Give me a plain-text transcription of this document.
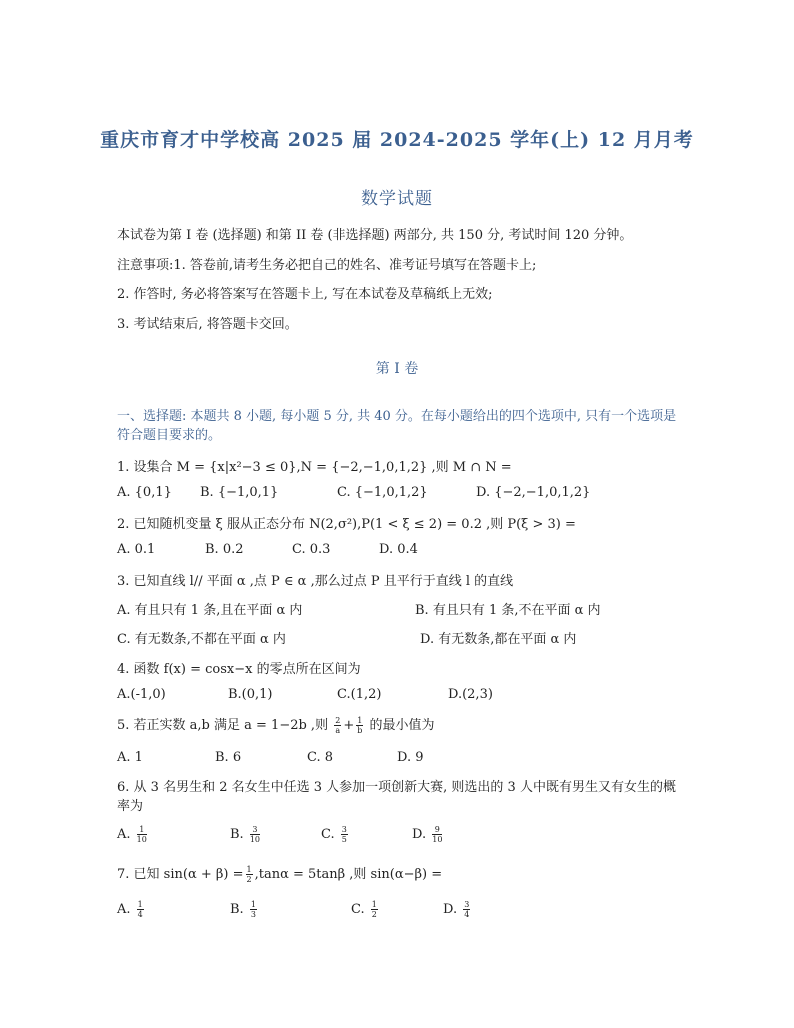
重庆市育才中学校高 2025 届 2024-2025 学年(上) 12 月月考
数学试题
本试卷为第 I 卷 (选择题) 和第 II 卷 (非选择题) 两部分, 共 150 分, 考试时间 120 分钟。
注意事项:1. 答卷前,请考生务必把自己的姓名、准考证号填写在答题卡上;
2. 作答时, 务必将答案写在答题卡上, 写在本试卷及草稿纸上无效;
3. 考试结束后, 将答题卡交回。
第 I 卷
一、选择题: 本题共 8 小题, 每小题 5 分, 共 40 分。在每小题给出的四个选项中, 只有一个选项是符合题目要求的。
1. 设集合 M = {x|x²−3 ≤ 0},N = {−2,−1,0,1,2} ,则 M ∩ N =
A. {0,1} B. {−1,0,1}	C. {−1,0,1,2}	D. {−2,−1,0,1,2}
2. 已知随机变量 ξ 服从正态分布 N(2,σ²),P(1 < ξ ≤ 2) = 0.2 ,则 P(ξ > 3) =
A. 0.1	B. 0.2	C. 0.3	D. 0.4
3. 已知直线 l// 平面 α ,点 P ∈ α ,那么过点 P 且平行于直线 l 的直线
A. 有且只有 1 条,且在平面 α 内	B. 有且只有 1 条,不在平面 α 内
C. 有无数条,不都在平面 α 内	D. 有无数条,都在平面 α 内
4. 函数 f(x) = cosx−x 的零点所在区间为
A.(-1,0)	B.(0,1)	C.(1,2)	D.(2,3)
5. 若正实数 a,b 满足 a = 1−2b ,则 $\frac{2}{a} + \frac{1}{b}$ 的最小值为
A. 1	B. 6	C. 8	D. 9
6. 从 3 名男生和 2 名女生中任选 3 人参加一项创新大赛, 则选出的 3 人中既有男生又有女生的概率为
A. $\frac{1}{10}$	B. $\frac{3}{10}$	C. $\frac{3}{5}$	D. $\frac{9}{10}$
7. 已知 $\sin(\alpha + \beta) = \frac{1}{2} ,\tan\alpha = 5\tan\beta$ ,则 sin(α−β) =
A. $\frac{1}{4}$	B. $\frac{1}{3}$	C. $\frac{1}{2}$	D. $\frac{3}{4}$
